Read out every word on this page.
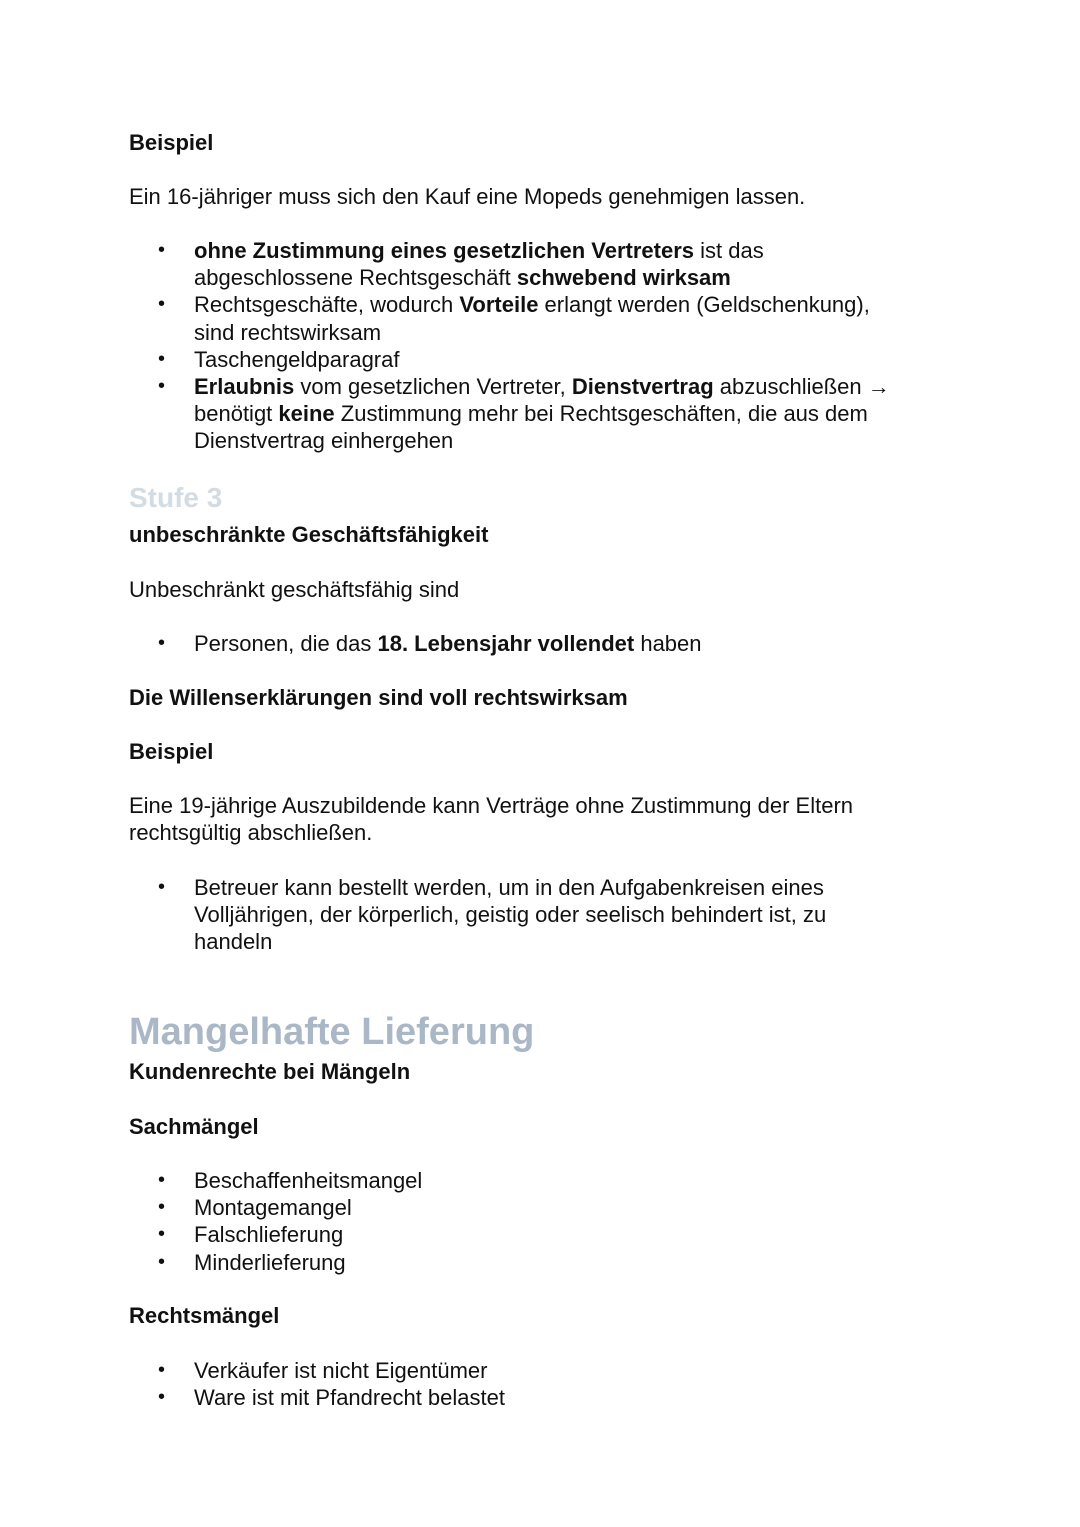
Beispiel
Ein 16-jähriger muss sich den Kauf eine Mopeds genehmigen lassen.
• ohne Zustimmung eines gesetzlichen Vertreters ist das
abgeschlossene Rechtsgeschäft schwebend wirksam
• Rechtsgeschäfte, wodurch Vorteile erlangt werden (Geldschenkung),
sind rechtswirksam
• Taschengeldparagraf
• Erlaubnis vom gesetzlichen Vertreter, Dienstvertrag abzuschließen →
benötigt keine Zustimmung mehr bei Rechtsgeschäften, die aus dem
Dienstvertrag einhergehen
Stufe 3
unbeschränkte Geschäftsfähigkeit
Unbeschränkt geschäftsfähig sind
• Personen, die das 18. Lebensjahr vollendet haben
Die Willenserklärungen sind voll rechtswirksam
Beispiel
Eine 19-jährige Auszubildende kann Verträge ohne Zustimmung der Eltern
rechtsgültig abschließen.
• Betreuer kann bestellt werden, um in den Aufgabenkreisen eines
Volljährigen, der körperlich, geistig oder seelisch behindert ist, zu
handeln
Mangelhafte Lieferung
Kundenrechte bei Mängeln
Sachmängel
• Beschaffenheitsmangel
• Montagemangel
• Falschlieferung
• Minderlieferung
Rechtsmängel
• Verkäufer ist nicht Eigentümer
• Ware ist mit Pfandrecht belastet
